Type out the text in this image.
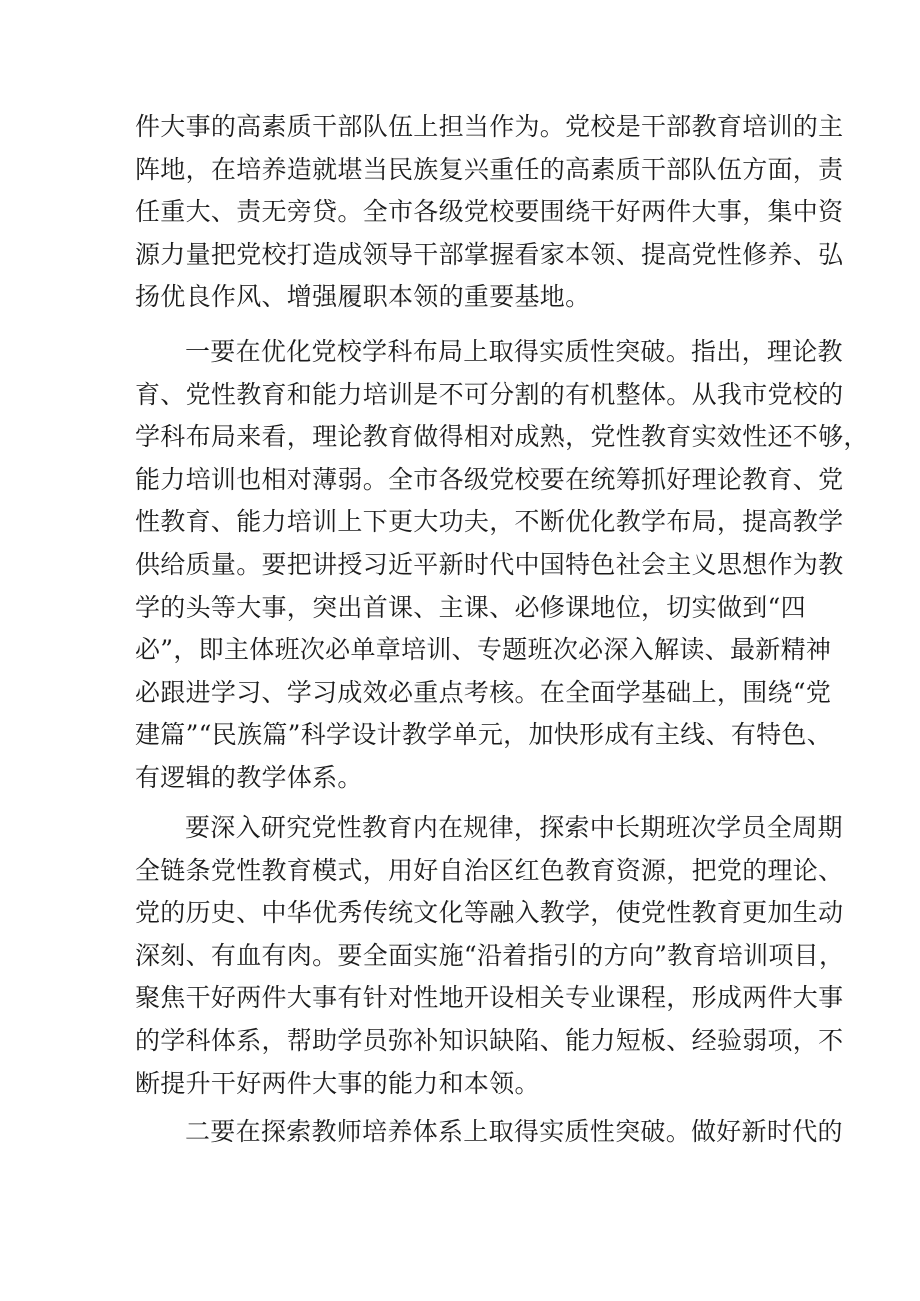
件大事的高素质干部队伍上担当作为。党校是干部教育培训的主
阵地，在培养造就堪当民族复兴重任的高素质干部队伍方面，责
任重大、责无旁贷。全市各级党校要围绕干好两件大事，集中资
源力量把党校打造成领导干部掌握看家本领、提高党性修养、弘
扬优良作风、增强履职本领的重要基地。
一要在优化党校学科布局上取得实质性突破。指出，理论教
育、党性教育和能力培训是不可分割的有机整体。从我市党校的
学科布局来看，理论教育做得相对成熟，党性教育实效性还不够，
能力培训也相对薄弱。全市各级党校要在统筹抓好理论教育、党
性教育、能力培训上下更大功夫，不断优化教学布局，提高教学
供给质量。要把讲授习近平新时代中国特色社会主义思想作为教
学的头等大事，突出首课、主课、必修课地位，切实做到“四
必”，即主体班次必单章培训、专题班次必深入解读、最新精神
必跟进学习、学习成效必重点考核。在全面学基础上，围绕“党
建篇”“民族篇”科学设计教学单元，加快形成有主线、有特色、
有逻辑的教学体系。
要深入研究党性教育内在规律，探索中长期班次学员全周期
全链条党性教育模式，用好自治区红色教育资源，把党的理论、
党的历史、中华优秀传统文化等融入教学，使党性教育更加生动
深刻、有血有肉。要全面实施“沿着指引的方向”教育培训项目，
聚焦干好两件大事有针对性地开设相关专业课程，形成两件大事
的学科体系，帮助学员弥补知识缺陷、能力短板、经验弱项，不
断提升干好两件大事的能力和本领。
二要在探索教师培养体系上取得实质性突破。做好新时代的
